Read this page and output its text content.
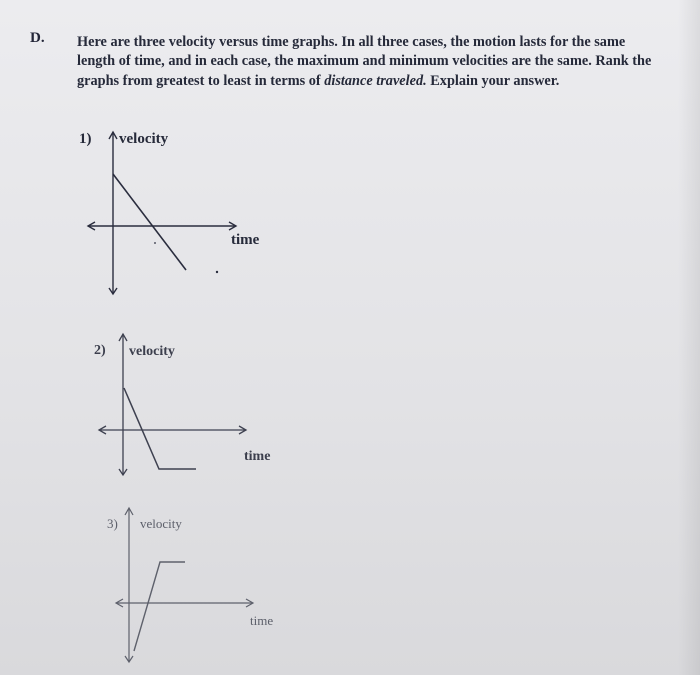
D. Here are three velocity versus time graphs. In all three cases, the motion lasts for the same length of time, and in each case, the maximum and minimum velocities are the same. Rank the graphs from greatest to least in terms of distance traveled. Explain your answer.

1) velocity
time
2) velocity
time
3) velocity
time
